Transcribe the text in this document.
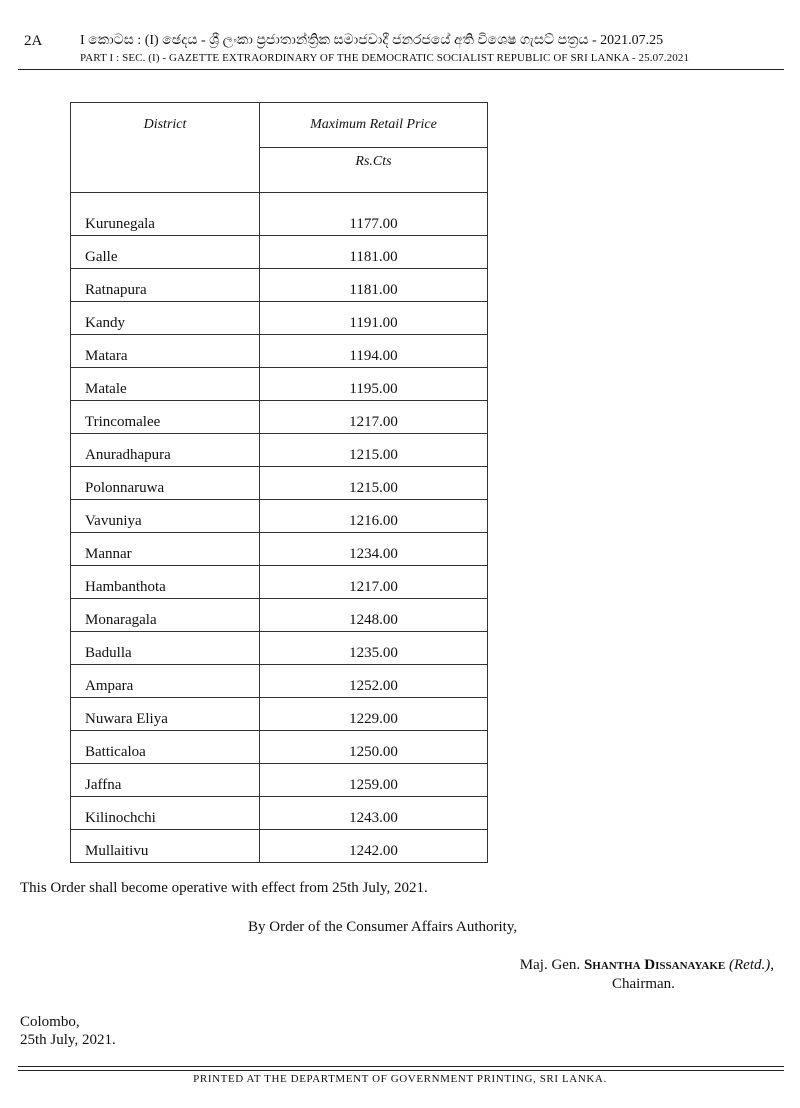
2A	I කොටස : (I) ඡෙදය - ශ්‍රී ලංකා ප්‍රජාතාන්ත්‍රික සමාජවාදී ජනරජයේ අති විශෙෂ ගැසට් පත්‍රය - 2021.07.25
PART I : SEC. (I) - GAZETTE EXTRAORDINARY OF THE DEMOCRATIC SOCIALIST REPUBLIC OF SRI LANKA - 25.07.2021
District	Maximum Retail Price
	Rs.Cts
Kurunegala	1177.00
Galle	1181.00
Ratnapura	1181.00
Kandy	1191.00
Matara	1194.00
Matale	1195.00
Trincomalee	1217.00
Anuradhapura	1215.00
Polonnaruwa	1215.00
Vavuniya	1216.00
Mannar	1234.00
Hambanthota	1217.00
Monaragala	1248.00
Badulla	1235.00
Ampara	1252.00
Nuwara Eliya	1229.00
Batticaloa	1250.00
Jaffna	1259.00
Kilinochchi	1243.00
Mullaitivu	1242.00
This Order shall become operative with effect from 25th July, 2021.
By Order of the Consumer Affairs Authority,
Maj. Gen. Shantha Dissanayake (Retd.),
Chairman.
Colombo,
25th July, 2021.
PRINTED AT THE DEPARTMENT OF GOVERNMENT PRINTING, SRI LANKA.
